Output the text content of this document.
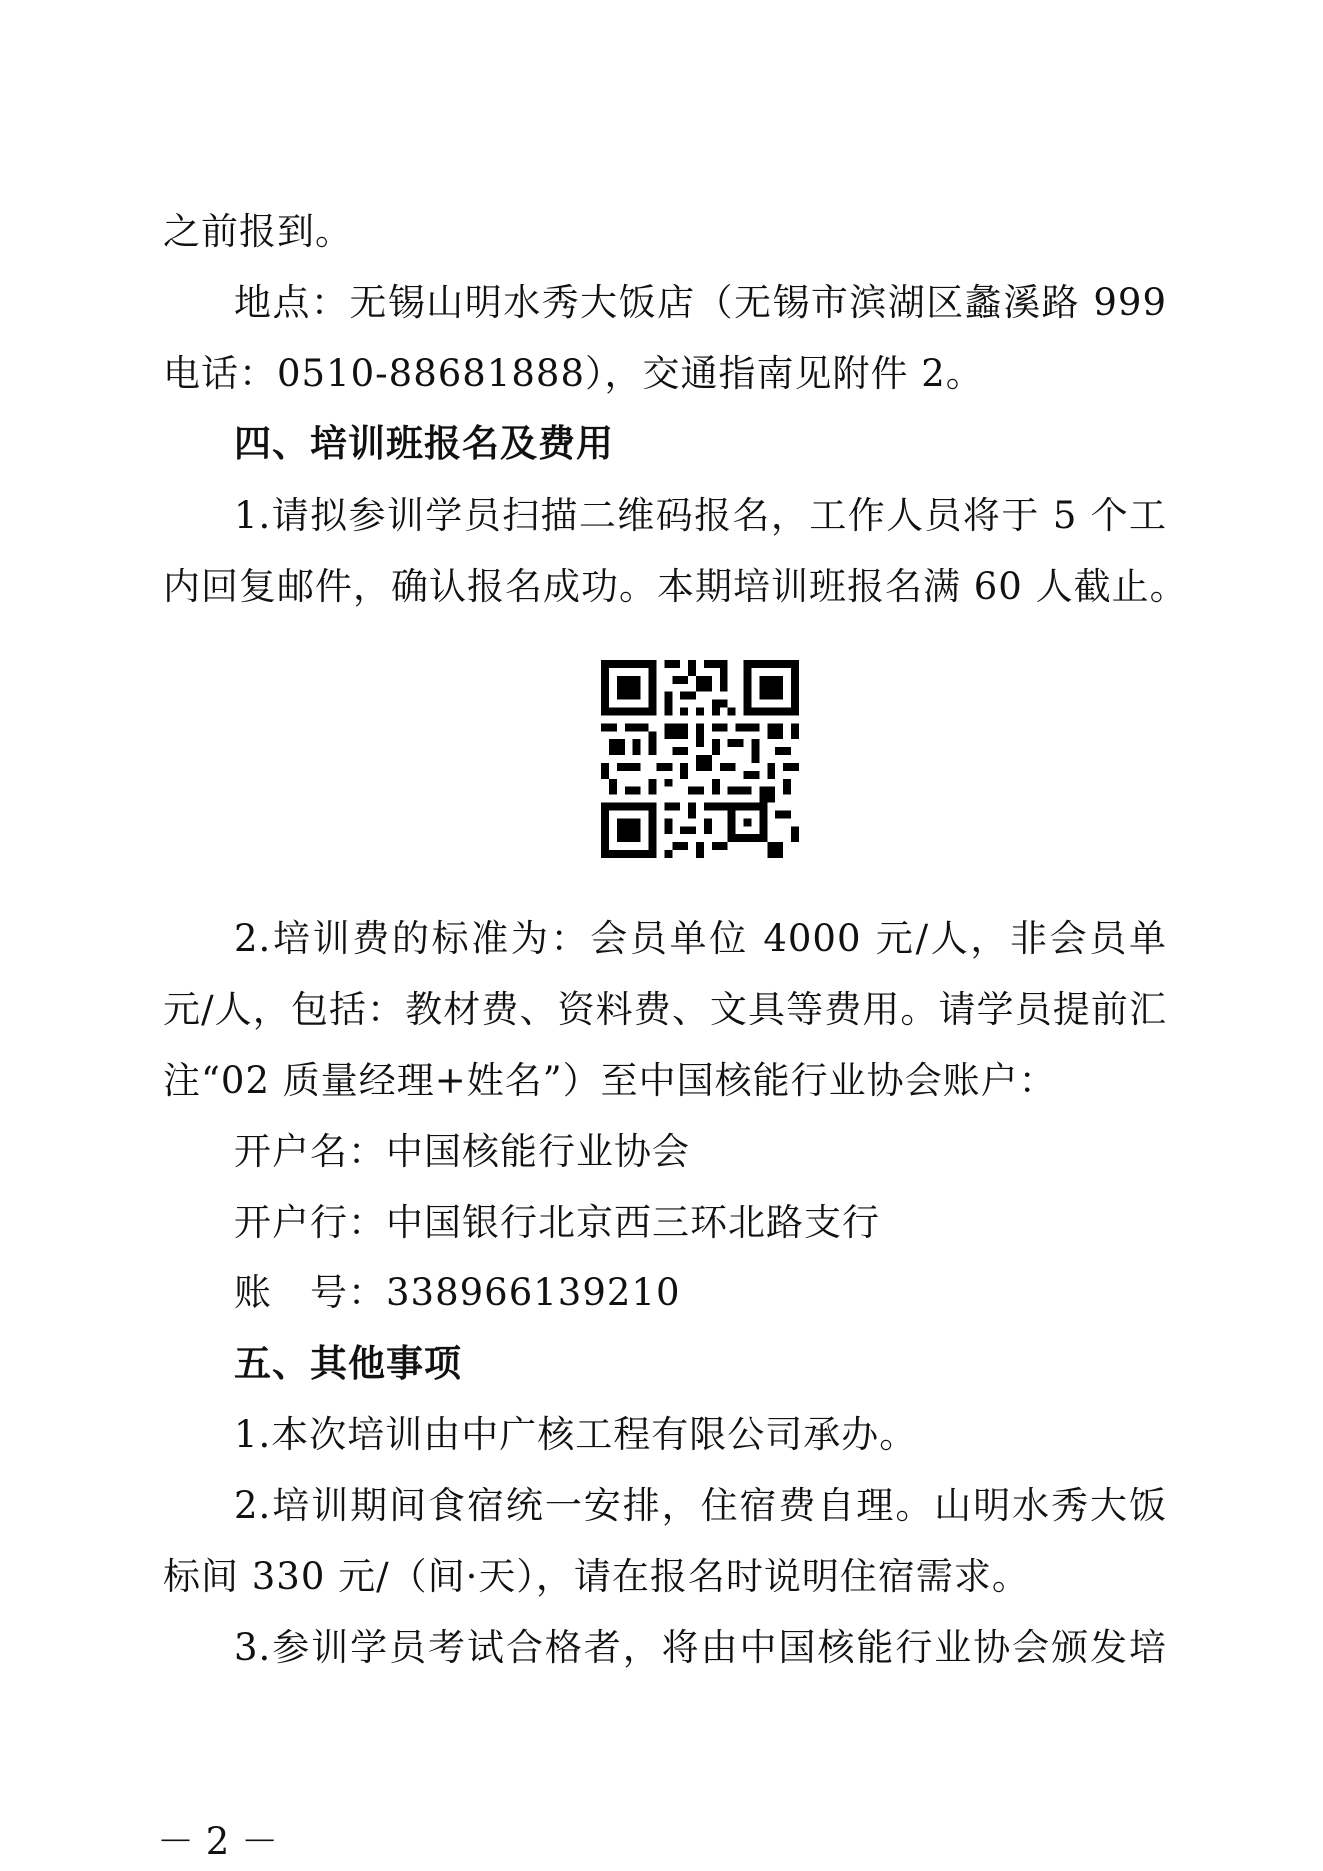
之前报到。
地点：无锡山明水秀大饭店（无锡市滨湖区蠡溪路 999
电话：0510-88681888），交通指南见附件 2。
四、培训班报名及费用
1.请拟参训学员扫描二维码报名，工作人员将于 5 个工
内回复邮件，确认报名成功。本期培训班报名满 60 人截止。
2.培训费的标准为：会员单位 4000 元/人，非会员单
元/人，包括：教材费、资料费、文具等费用。请学员提前汇
注“02 质量经理+姓名”）至中国核能行业协会账户：
开户名：中国核能行业协会
开户行：中国银行北京西三环北路支行
账　号：338966139210
五、其他事项
1.本次培训由中广核工程有限公司承办。
2.培训期间食宿统一安排，住宿费自理。山明水秀大饭
标间 330 元/（间·天），请在报名时说明住宿需求。
3.参训学员考试合格者，将由中国核能行业协会颁发培
－ 2 －
